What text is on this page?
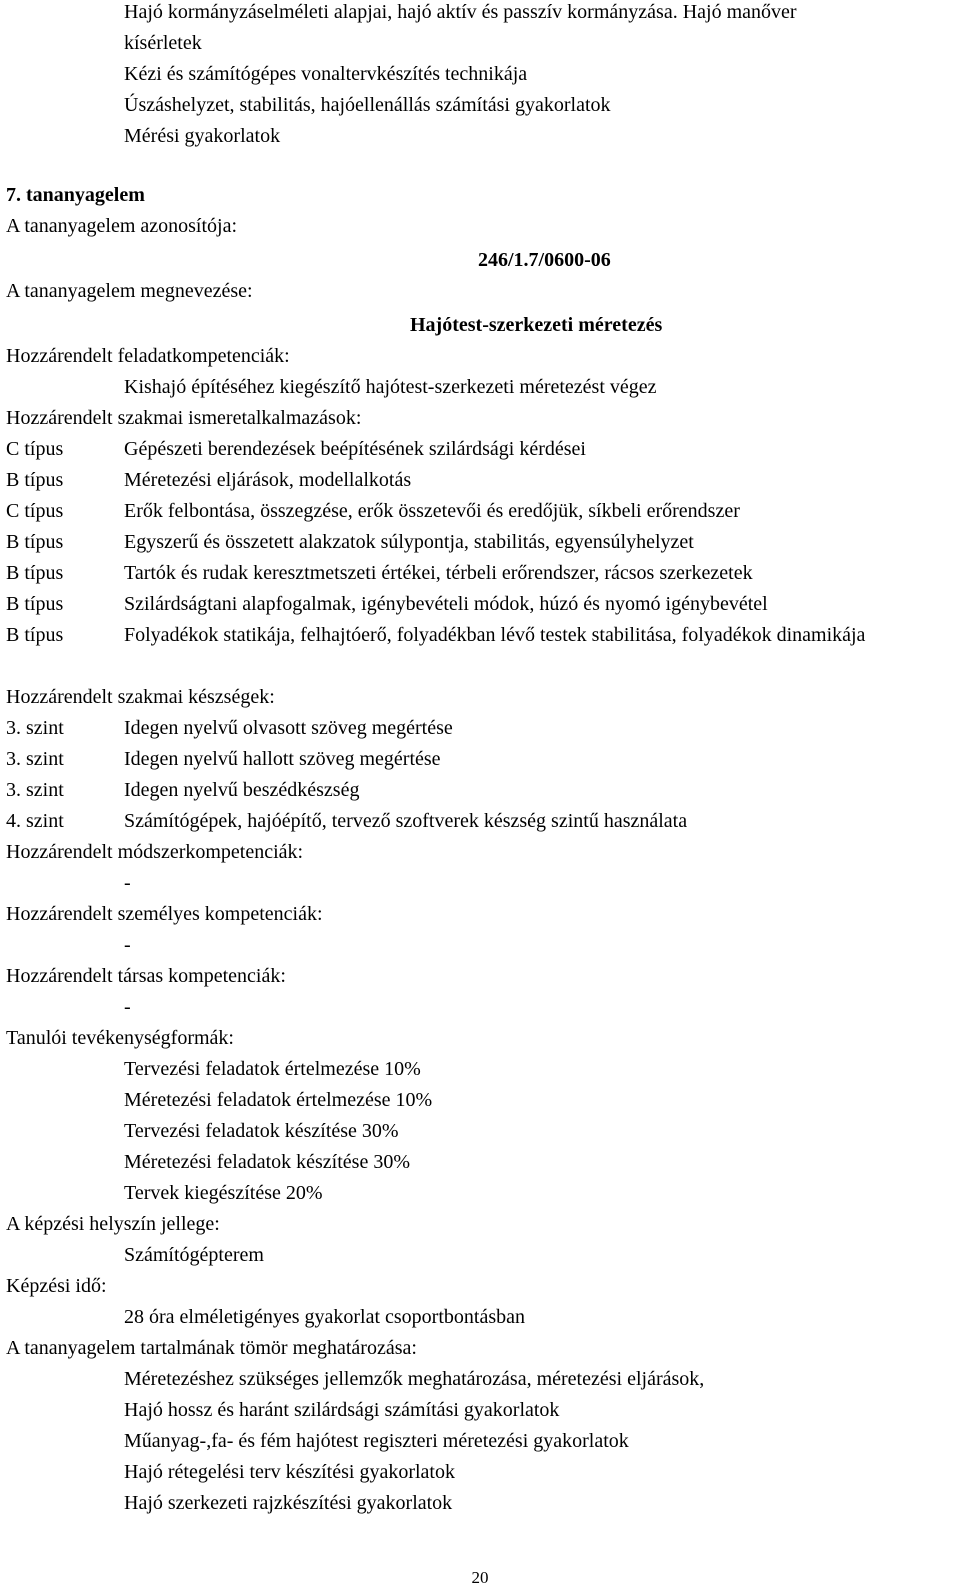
Hajó kormányzáselméleti alapjai, hajó aktív és passzív kormányzása. Hajó manőver
kísérletek
Kézi és számítógépes vonaltervkészítés technikája
Úszáshelyzet, stabilitás, hajóellenállás számítási gyakorlatok
Mérési gyakorlatok
7. tananyagelem
A tananyagelem azonosítója:
246/1.7/0600-06
A tananyagelem megnevezése:
Hajótest-szerkezeti méretezés
Hozzárendelt feladatkompetenciák:
Kishajó építéséhez kiegészítő hajótest-szerkezeti méretezést végez
Hozzárendelt szakmai ismeretalkalmazások:
C típus	Gépészeti berendezések beépítésének szilárdsági kérdései
B típus	Méretezési eljárások, modellalkotás
C típus	Erők felbontása, összegzése, erők összetevői és eredőjük, síkbeli erőrendszer
B típus	Egyszerű és összetett alakzatok súlypontja, stabilitás, egyensúlyhelyzet
B típus	Tartók és rudak keresztmetszeti értékei, térbeli erőrendszer, rácsos szerkezetek
B típus	Szilárdságtani alapfogalmak, igénybevételi módok, húzó és nyomó igénybevétel
B típus	Folyadékok statikája, felhajtóerő, folyadékban lévő testek stabilitása, folyadékok dinamikája
Hozzárendelt szakmai készségek:
3. szint	Idegen nyelvű olvasott szöveg megértése
3. szint	Idegen nyelvű hallott szöveg megértése
3. szint	Idegen nyelvű beszédkészség
4. szint	Számítógépek, hajóépítő, tervező szoftverek készség szintű használata
Hozzárendelt módszerkompetenciák:
-
Hozzárendelt személyes kompetenciák:
-
Hozzárendelt társas kompetenciák:
-
Tanulói tevékenységformák:
Tervezési feladatok értelmezése 10%
Méretezési feladatok értelmezése 10%
Tervezési feladatok készítése 30%
Méretezési feladatok készítése 30%
Tervek kiegészítése 20%
A képzési helyszín jellege:
Számítógépterem
Képzési idő:
28 óra elméletigényes gyakorlat csoportbontásban
A tananyagelem tartalmának tömör meghatározása:
Méretezéshez szükséges jellemzők meghatározása, méretezési eljárások,
Hajó hossz és haránt szilárdsági számítási gyakorlatok
Műanyag-,fa- és fém hajótest regiszteri méretezési gyakorlatok
Hajó rétegelési terv készítési gyakorlatok
Hajó szerkezeti rajzkészítési gyakorlatok
20
